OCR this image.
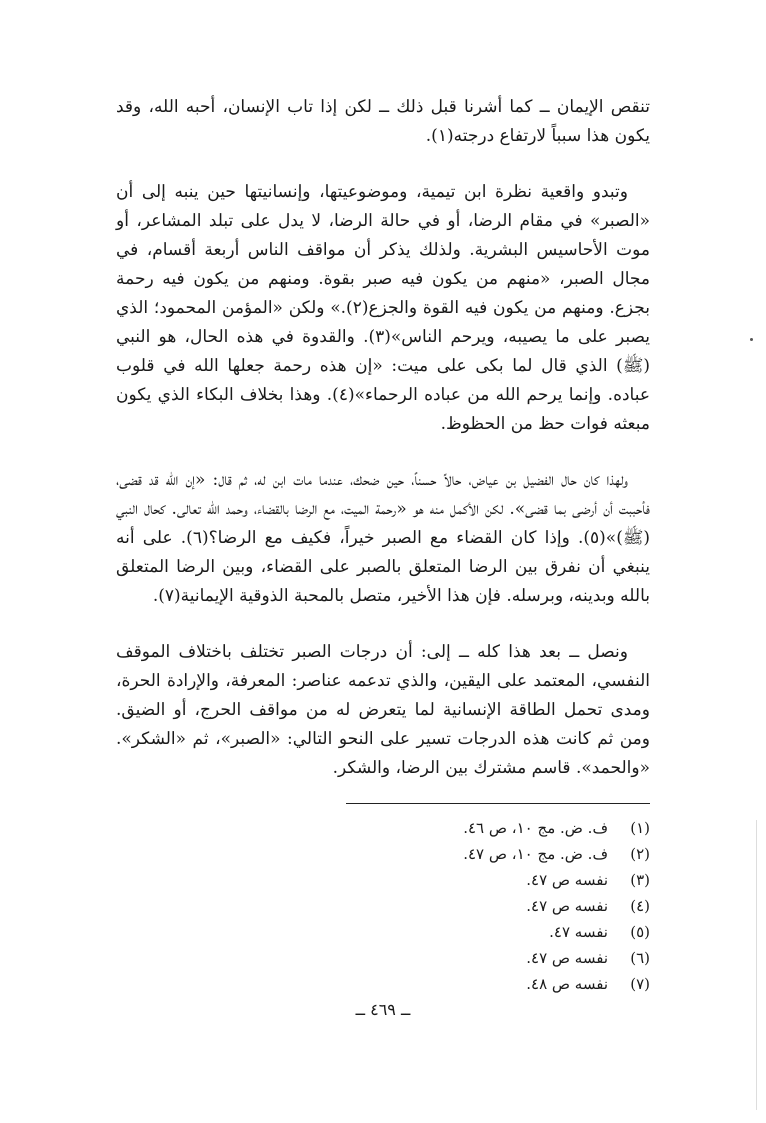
تنقص الإيمان ــ كما أشرنا قبل ذلك ــ لكن إذا تاب الإنسان، أحبه الله، وقد يكون هذا سبباً لارتفاع درجته(١).

وتبدو واقعية نظرة ابن تيمية، وموضوعيتها، وإنسانيتها حين ينبه إلى أن «الصبر» في مقام الرضا، أو في حالة الرضا، لا يدل على تبلد المشاعر، أو موت الأحاسيس البشرية. ولذلك يذكر أن مواقف الناس أربعة أقسام، في مجال الصبر، «منهم من يكون فيه صبر بقوة. ومنهم من يكون فيه رحمة بجزع. ومنهم من يكون فيه القوة والجزع(٢).» ولكن «المؤمن المحمود؛ الذي يصبر على ما يصيبه، ويرحم الناس»(٣). والقدوة في هذه الحال، هو النبي (ﷺ) الذي قال لما بكى على ميت: «إن هذه رحمة جعلها الله في قلوب عباده. وإنما يرحم الله من عباده الرحماء»(٤). وهذا بخلاف البكاء الذي يكون مبعثه فوات حظ من الحظوظ.

ولهذا كان حال الفضيل بن عياض، حالاً حسناً، حين ضحك، عندما مات ابن له، ثم قال: «إن الله قد قضى، فأحببت أن أرضى بما قضى». لكن الأكمل منه هو «رحمة الميت، مع الرضا بالقضاء، وحمد الله تعالى. كحال النبي (ﷺ)»(٥). وإذا كان القضاء مع الصبر خيراً، فكيف مع الرضا؟(٦). على أنه ينبغي أن نفرق بين الرضا المتعلق بالصبر على القضاء، وبين الرضا المتعلق بالله وبدينه، وبرسله. فإن هذا الأخير، متصل بالمحبة الذوقية الإيمانية(٧).

ونصل ــ بعد هذا كله ــ إلى: أن درجات الصبر تختلف باختلاف الموقف النفسي، المعتمد على اليقين، والذي تدعمه عناصر: المعرفة، والإرادة الحرة، ومدى تحمل الطاقة الإنسانية لما يتعرض له من مواقف الحرج، أو الضيق. ومن ثم كانت هذه الدرجات تسير على النحو التالي: «الصبر»، ثم «الشكر». «والحمد». قاسم مشترك بين الرضا، والشكر.

(١)
ف. ض. مج ١٠، ص ٤٦.
(٢)
ف. ض. مج ١٠، ص ٤٧.
(٣)
نفسه ص ٤٧.
(٤)
نفسه ص ٤٧.
(٥)
نفسه ٤٧.
(٦)
نفسه ص ٤٧.
(٧)
نفسه ص ٤٨.
ــ ٤٦٩ ــ
